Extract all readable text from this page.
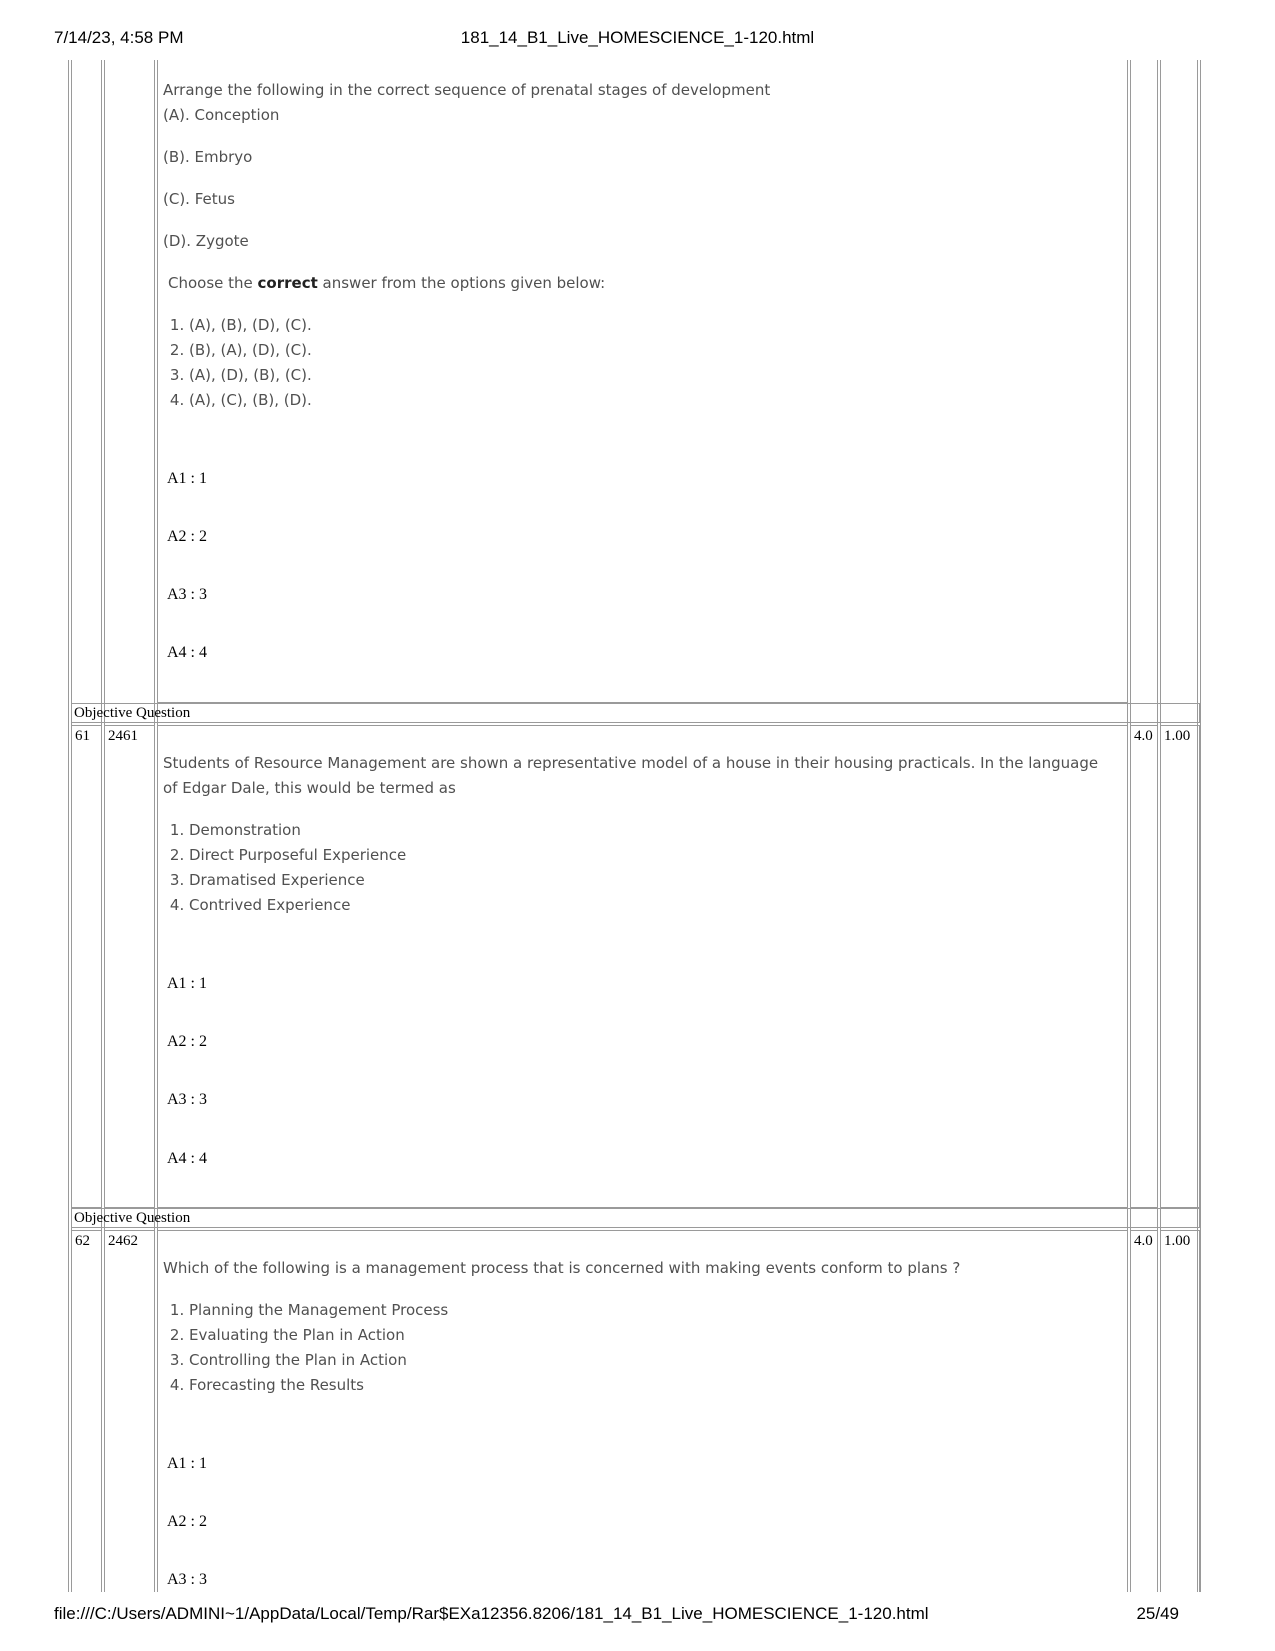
7/14/23, 4:58 PM	181_14_B1_Live_HOMESCIENCE_1-120.html

Arrange the following in the correct sequence of prenatal stages of development

(A). Conception

(B). Embryo

(C). Fetus

(D). Zygote

Choose the correct answer from the options given below:

1. (A), (B), (D), (C).
2. (B), (A), (D), (C).
3. (A), (D), (B), (C).
4. (A), (C), (B), (D).
A1 : 1
A2 : 2
A3 : 3
A4 : 4
Objective Question
61	2461	4.0 1.00

Students of Resource Management are shown a representative model of a house in their housing practicals. In the language of Edgar Dale, this would be termed as

1. Demonstration
2. Direct Purposeful Experience
3. Dramatised Experience
4. Contrived Experience
A1 : 1
A2 : 2
A3 : 3
A4 : 4
Objective Question
62	2462	4.0 1.00

Which of the following is a management process that is concerned with making events conform to plans ?

1. Planning the Management Process
2. Evaluating the Plan in Action
3. Controlling the Plan in Action
4. Forecasting the Results
A1 : 1
A2 : 2
A3 : 3
file:///C:/Users/ADMINI~1/AppData/Local/Temp/Rar$EXa12356.8206/181_14_B1_Live_HOMESCIENCE_1-120.html	25/49
